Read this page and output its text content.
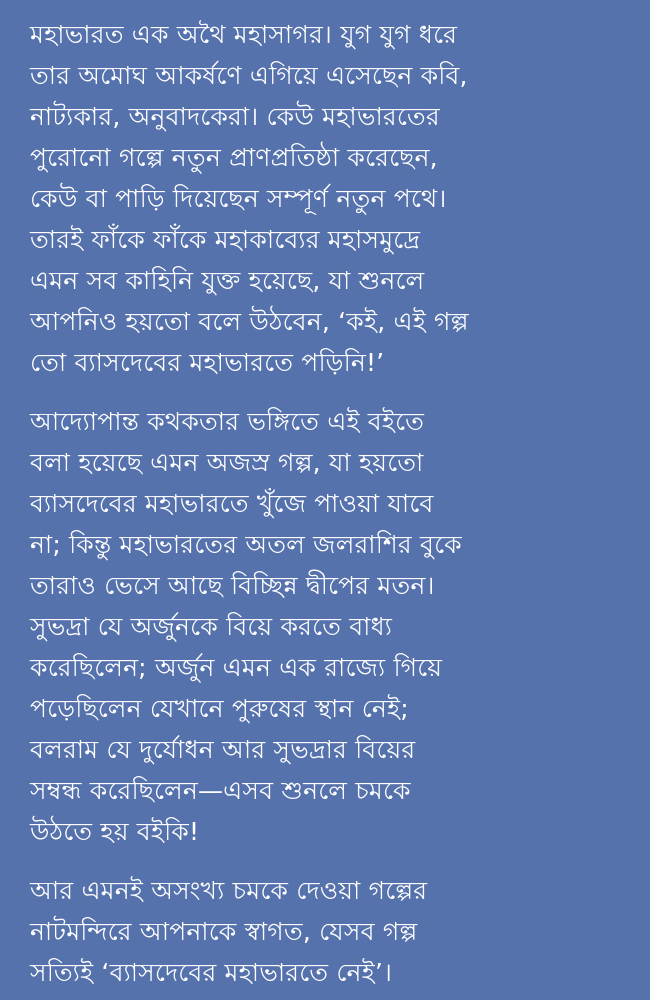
মহাভারত এক অথৈ মহাসাগর। যুগ যুগ ধরে
তার অমোঘ আকর্ষণে এগিয়ে এসেছেন কবি,
নাট্যকার, অনুবাদকেরা। কেউ মহাভারতের
পুরোনো গল্পে নতুন প্রাণপ্রতিষ্ঠা করেছেন,
কেউ বা পাড়ি দিয়েছেন সম্পূর্ণ নতুন পথে।
তারই ফাঁকে ফাঁকে মহাকাব্যের মহাসমুদ্রে
এমন সব কাহিনি যুক্ত হয়েছে, যা শুনলে
আপনিও হয়তো বলে উঠবেন, ‘কই, এই গল্প
তো ব্যাসদেবের মহাভারতে পড়িনি!’
আদ্যোপান্ত কথকতার ভঙ্গিতে এই বইতে
বলা হয়েছে এমন অজস্র গল্প, যা হয়তো
ব্যাসদেবের মহাভারতে খুঁজে পাওয়া যাবে
না; কিন্তু মহাভারতের অতল জলরাশির বুকে
তারাও ভেসে আছে বিচ্ছিন্ন দ্বীপের মতন।
সুভদ্রা যে অর্জুনকে বিয়ে করতে বাধ্য
করেছিলেন; অর্জুন এমন এক রাজ্যে গিয়ে
পড়েছিলেন যেখানে পুরুষের স্থান নেই;
বলরাম যে দুর্যোধন আর সুভদ্রার বিয়ের
সম্বন্ধ করেছিলেন—এসব শুনলে চমকে
উঠতে হয় বইকি!
আর এমনই অসংখ্য চমকে দেওয়া গল্পের
নাটমন্দিরে আপনাকে স্বাগত, যেসব গল্প
সত্যিই ‘ব্যাসদেবের মহাভারতে নেই’।
